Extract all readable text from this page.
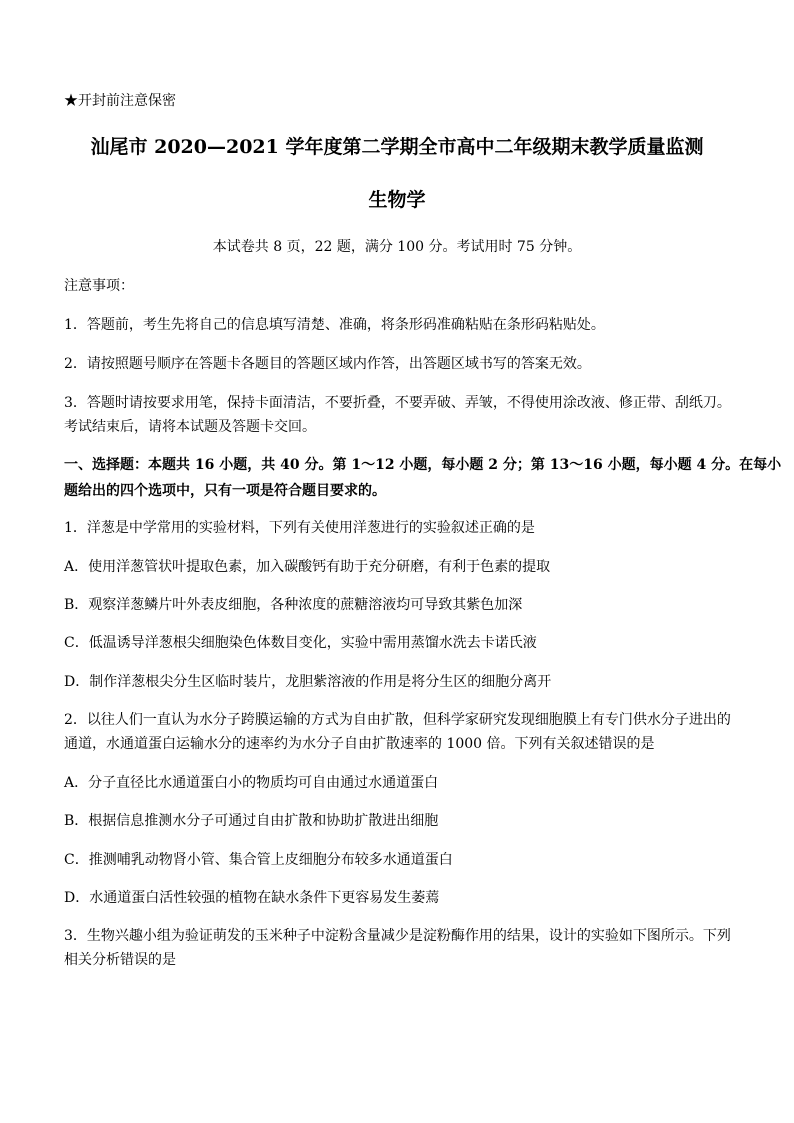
★开封前注意保密
汕尾市 2020—2021 学年度第二学期全市高中二年级期末教学质量监测
生物学
本试卷共 8 页，22 题，满分 100 分。考试用时 75 分钟。
注意事项：
1．答题前，考生先将自己的信息填写清楚、准确，将条形码准确粘贴在条形码粘贴处。
2．请按照题号顺序在答题卡各题目的答题区域内作答，出答题区域书写的答案无效。
3．答题时请按要求用笔，保持卡面清洁，不要折叠，不要弄破、弄皱，不得使用涂改液、修正带、刮纸刀。
考试结束后，请将本试题及答题卡交回。
一、选择题：本题共 16 小题，共 40 分。第 1～12 小题，每小题 2 分；第 13～16 小题，每小题 4 分。在每小
题给出的四个选项中，只有一项是符合题目要求的。
1．洋葱是中学常用的实验材料，下列有关使用洋葱进行的实验叙述正确的是
A．使用洋葱管状叶提取色素，加入碳酸钙有助于充分研磨，有利于色素的提取
B．观察洋葱鳞片叶外表皮细胞，各种浓度的蔗糖溶液均可导致其紫色加深
C．低温诱导洋葱根尖细胞染色体数目变化，实验中需用蒸馏水洗去卡诺氏液
D．制作洋葱根尖分生区临时装片，龙胆紫溶液的作用是将分生区的细胞分离开
2．以往人们一直认为水分子跨膜运输的方式为自由扩散，但科学家研究发现细胞膜上有专门供水分子进出的
通道，水通道蛋白运输水分的速率约为水分子自由扩散速率的 1000 倍。下列有关叙述错误的是
A．分子直径比水通道蛋白小的物质均可自由通过水通道蛋白
B．根据信息推测水分子可通过自由扩散和协助扩散进出细胞
C．推测哺乳动物肾小管、集合管上皮细胞分布较多水通道蛋白
D．水通道蛋白活性较强的植物在缺水条件下更容易发生萎蔫
3．生物兴趣小组为验证萌发的玉米种子中淀粉含量减少是淀粉酶作用的结果，设计的实验如下图所示。下列
相关分析错误的是
